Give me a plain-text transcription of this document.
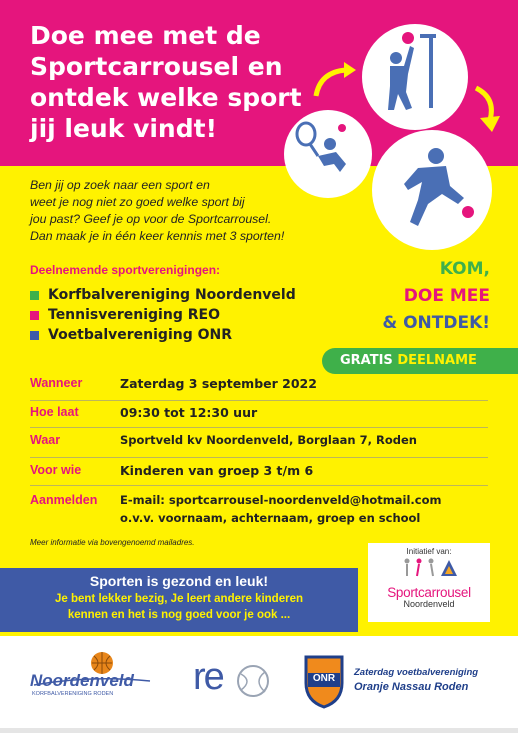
Doe mee met de
Sportcarrousel en
ontdek welke sport
jij leuk vindt!
Ben jij op zoek naar een sport en
weet je nog niet zo goed welke sport bij
jou past? Geef je op voor de Sportcarrousel.
Dan maak je in één keer kennis met 3 sporten!
Deelnemende sportverenigingen:
Korfbalvereniging Noordenveld
Tennisvereniging REO
Voetbalvereniging ONR
KOM,
DOE MEE
& ONTDEK!
GRATIS DEELNAME
Wanneer	Zaterdag 3 september 2022
Hoe laat	09:30 tot 12:30 uur
Waar	Sportveld kv Noordenveld, Borglaan 7, Roden
Voor wie	Kinderen van groep 3 t/m 6
Aanmelden E-mail: sportcarrousel-noordenveld@hotmail.com
o.v.v. voornaam, achternaam, groep en school
Meer informatie via bovengenoemd mailadres.
Sporten is gezond en leuk!
Je bent lekker bezig, Je leert andere kinderen
kennen en het is nog goed voor je ook ...
Initiatief van:
Sportcarrousel
Noordenveld
Noordenveld
KORFBALVERENIGING RODEN re	ONR
Zaterdag voetbalvereniging
Oranje Nassau Roden
